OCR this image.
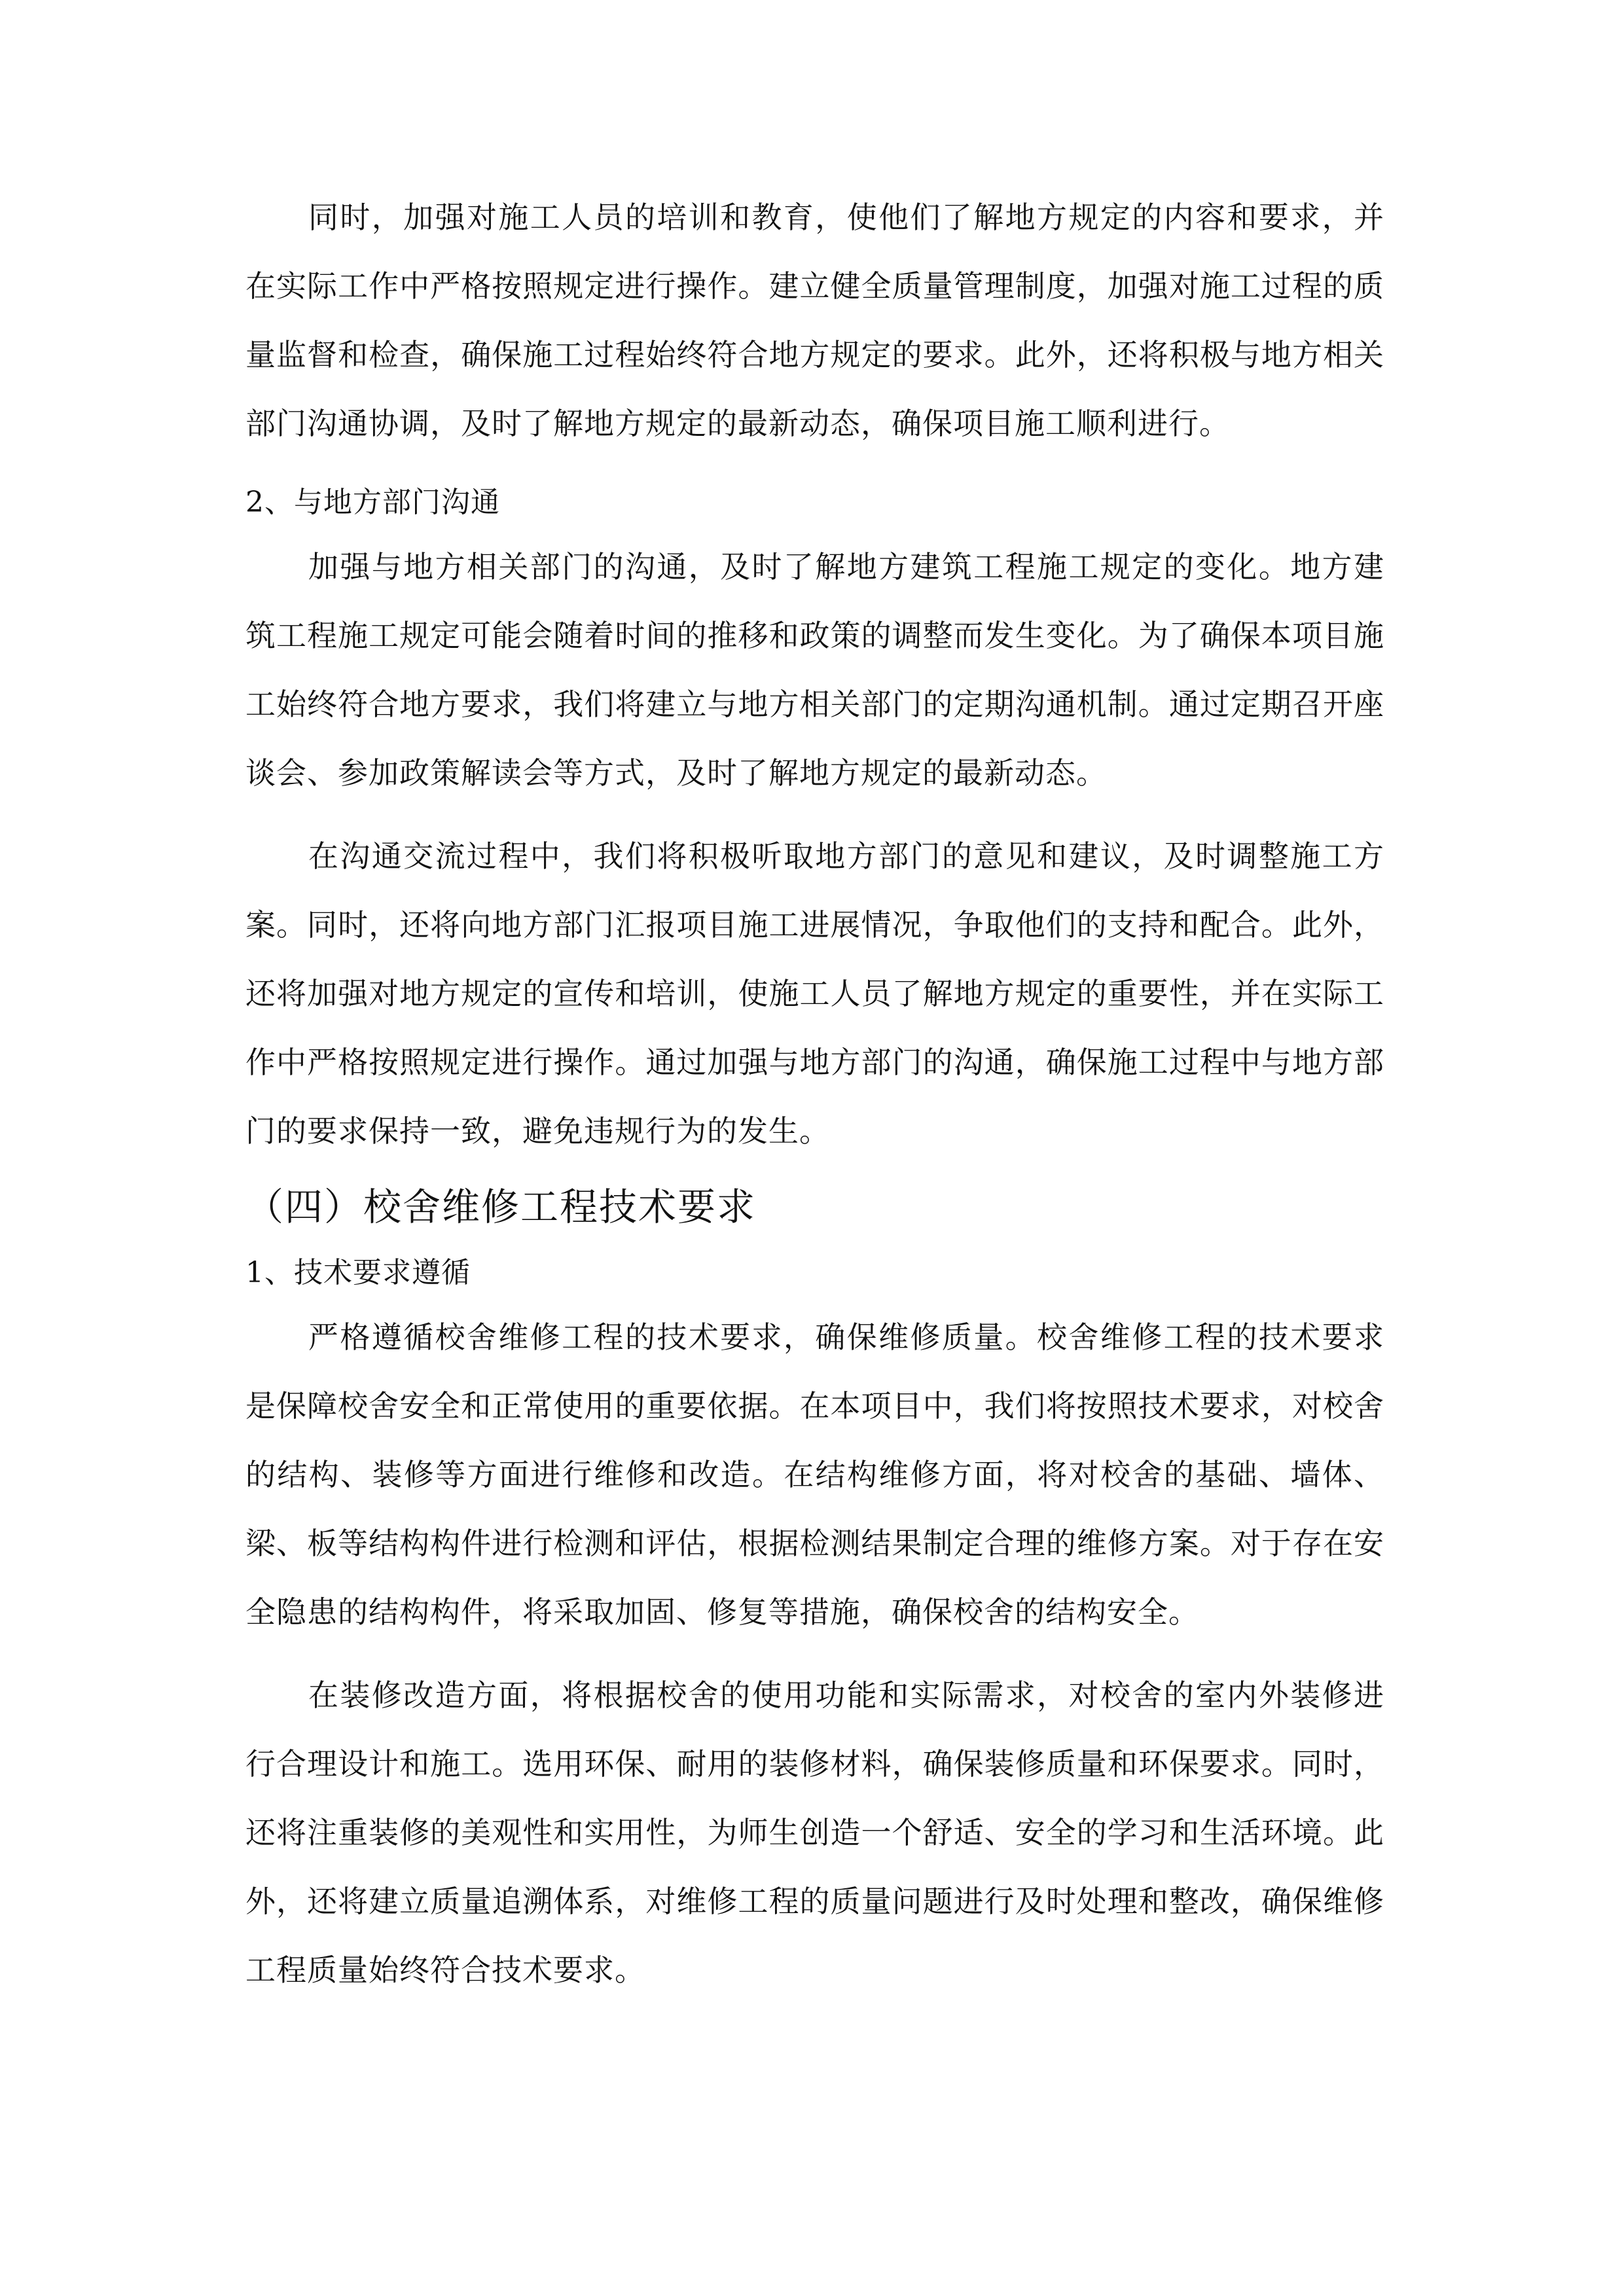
同时，加强对施工人员的培训和教育，使他们了解地方规定的内容和要求，并在实际工作中严格按照规定进行操作。建立健全质量管理制度，加强对施工过程的质量监督和检查，确保施工过程始终符合地方规定的要求。此外，还将积极与地方相关部门沟通协调，及时了解地方规定的最新动态，确保项目施工顺利进行。

2、与地方部门沟通

加强与地方相关部门的沟通，及时了解地方建筑工程施工规定的变化。地方建筑工程施工规定可能会随着时间的推移和政策的调整而发生变化。为了确保本项目施工始终符合地方要求，我们将建立与地方相关部门的定期沟通机制。通过定期召开座谈会、参加政策解读会等方式，及时了解地方规定的最新动态。

在沟通交流过程中，我们将积极听取地方部门的意见和建议，及时调整施工方案。同时，还将向地方部门汇报项目施工进展情况，争取他们的支持和配合。此外，还将加强对地方规定的宣传和培训，使施工人员了解地方规定的重要性，并在实际工作中严格按照规定进行操作。通过加强与地方部门的沟通，确保施工过程中与地方部门的要求保持一致，避免违规行为的发生。

（四）校舍维修工程技术要求
1、技术要求遵循

严格遵循校舍维修工程的技术要求，确保维修质量。校舍维修工程的技术要求是保障校舍安全和正常使用的重要依据。在本项目中，我们将按照技术要求，对校舍的结构、装修等方面进行维修和改造。在结构维修方面，将对校舍的基础、墙体、梁、板等结构构件进行检测和评估，根据检测结果制定合理的维修方案。对于存在安全隐患的结构构件，将采取加固、修复等措施，确保校舍的结构安全。

在装修改造方面，将根据校舍的使用功能和实际需求，对校舍的室内外装修进行合理设计和施工。选用环保、耐用的装修材料，确保装修质量和环保要求。同时，还将注重装修的美观性和实用性，为师生创造一个舒适、安全的学习和生活环境。此外，还将建立质量追溯体系，对维修工程的质量问题进行及时处理和整改，确保维修工程质量始终符合技术要求。
